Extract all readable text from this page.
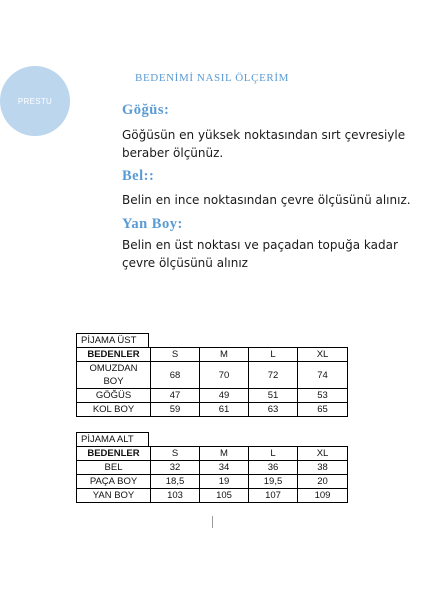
PRESTU
BEDENİMİ NASIL ÖLÇERİM
Göğüs:
Göğüsün en yüksek noktasından sırt çevresiyle beraber ölçünüz.
Bel::
Belin en ince noktasından çevre ölçüsünü alınız.
Yan Boy:
Belin en üst noktası ve paçadan topuğa kadar çevre ölçüsünü alınız
PİJAMA ÜST
BEDENLER	S	M	L	XL
OMUZDAN BOY	68	70	72	74
GÖĞÜS	47	49	51	53
KOL BOY	59	61	63	65
PİJAMA ALT
BEDENLER	S	M	L	XL
BEL	32	34	36	38
PAÇA BOY	18,5	19	19,5	20
YAN BOY	103	105	107	109
